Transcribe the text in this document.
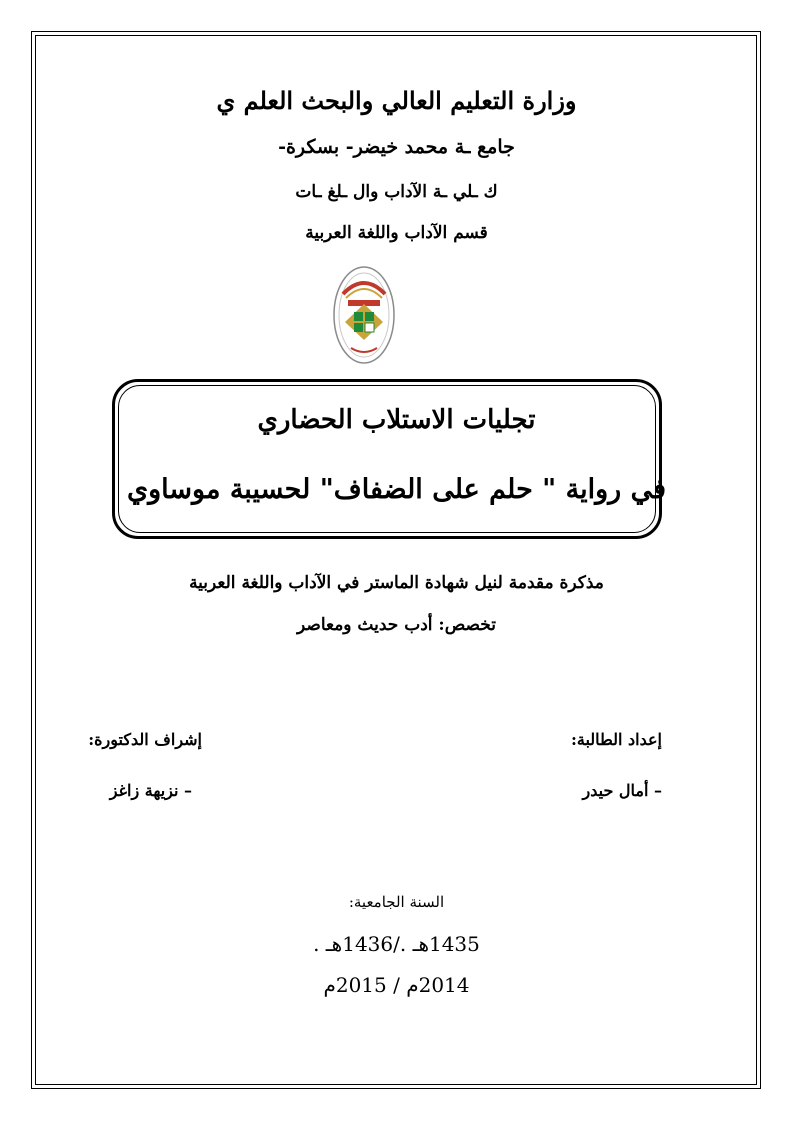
وزارة التعليم العالي والبحث العلم ي
جامع ـة محمد خيضر- بسكرة-
ك ـلي ـة الآداب وال ـلغ ـات
قسم الآداب واللغة العربية
تجليات الاستلاب الحضاري
في رواية " حلم على الضفاف" لحسيبة موساوي
مذكرة مقدمة لنيل شهادة الماستر في الآداب واللغة العربية
تخصص: أدب حديث ومعاصر
إعداد الطالبة:
– أمال حيدر
إشراف الدكتورة:
– نزيهة زاغز
السنة الجامعية:
1435هـ ./1436هـ .
2014م / 2015م
